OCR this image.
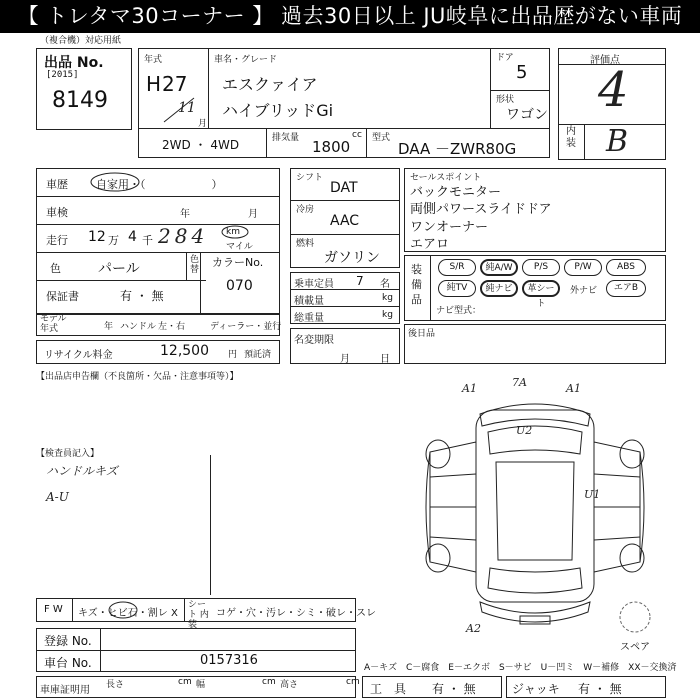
【 トレタマ30コーナー 】 過去30日以上 JU岐阜に出品歴がない車両
（複合機）対応用紙
出品 No.
[2015]
8149
年式
H 27
11
月
車名・グレード
エスクァイア
ハイブリッドGi
ドア
5
形状
ワゴン
2WD ・ 4WD	排気量	cc
1800 型式
DAA －ZWR80G
評価点
4
内装 B
車歴	自家用・（　　　　　　）
車検	年	月
走行 12 万 4 千 284 km
マイル
色	パール
色替
カラーNo.
070
保証書	有 ・ 無
モデル
年式	年 ハンドル 左・右	ディーラー・並行
リサイクル料金	12,500 円 預託済
【出品店申告欄（不良箇所・欠品・注意事項等）】
シフト
DAT
冷房
AAC
燃料
ガソリン
乗車定員 7 名
積載量	kg
総重量	kg
名変期限
月	日
セールスポイント
バックモニター
両側パワースライドドア
ワンオーナー
エアロ
装備品
S/R	純A/W	P/S	P/W	ABS
純TV	純ナビ	革シート
外ナビ	エアB
ナビ型式：
後日品
【検査員記入】
ハンドルキズ
A-U
A1	7A	A1
U2
U1
A2
スペア
F W キズ・ヒビ石・割レ X
シート 内装
コゲ・穴・汚レ・シミ・破レ・スレ
登録 No.
車台 No.	0157316	A－キズ　C－腐食　E－エクボ　S－サビ　U－凹ミ　W－補修　XX－交換済
車庫証明用 長さ	cm 幅	cm 高さ	cm 工　具 有 ・ 無	ジャッキ 有 ・ 無
